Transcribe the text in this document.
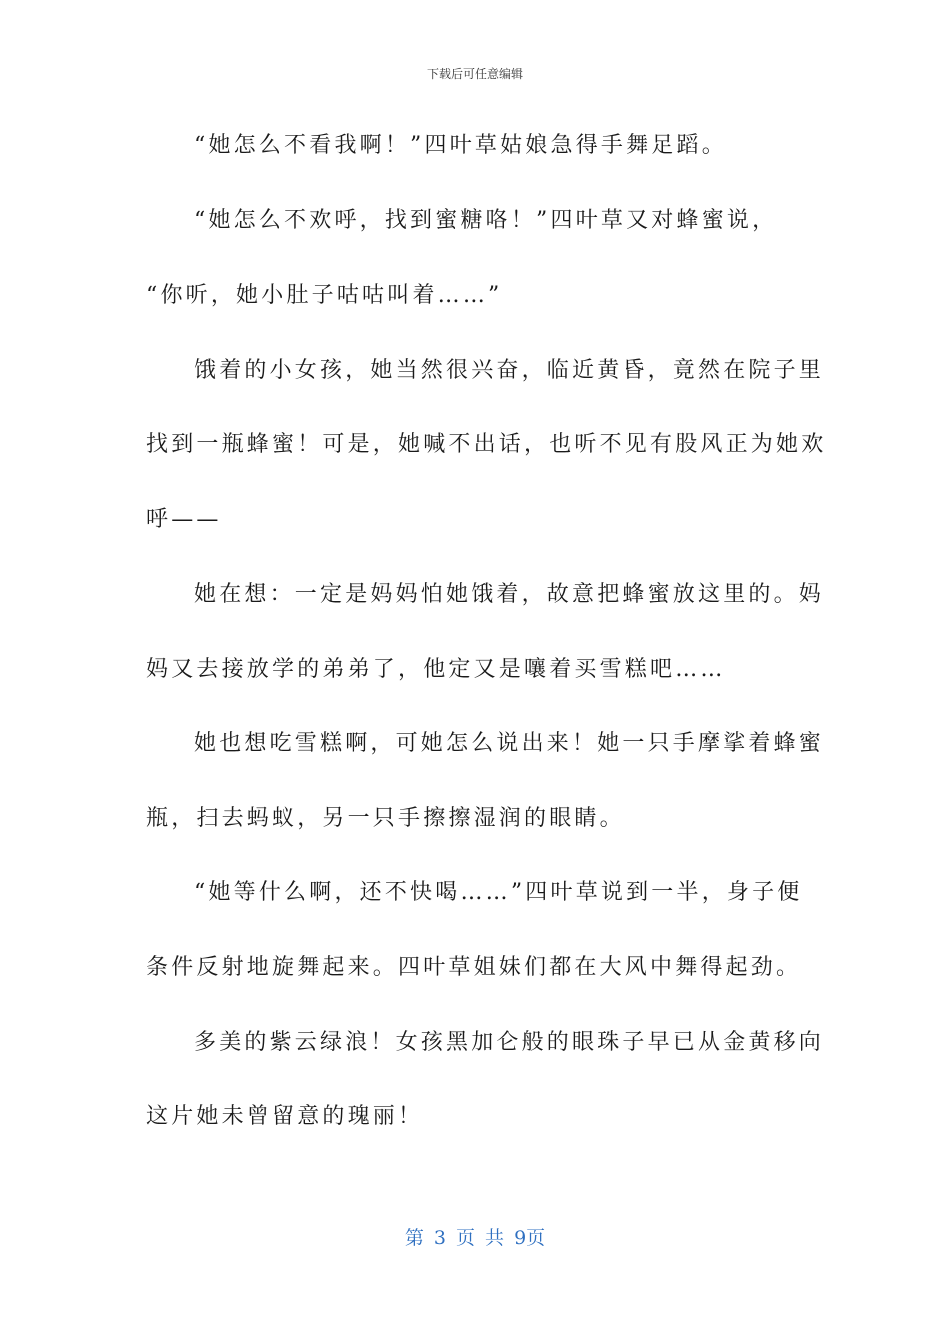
下载后可任意编辑
“她怎么不看我啊！”四叶草姑娘急得手舞足蹈。
“她怎么不欢呼，找到蜜糖咯！”四叶草又对蜂蜜说，
“你听，她小肚子咕咕叫着……”
饿着的小女孩，她当然很兴奋，临近黄昏，竟然在院子里
找到一瓶蜂蜜！可是，她喊不出话，也听不见有股风正为她欢
呼——
她在想：一定是妈妈怕她饿着，故意把蜂蜜放这里的。妈
妈又去接放学的弟弟了，他定又是嚷着买雪糕吧……
她也想吃雪糕啊，可她怎么说出来！她一只手摩挲着蜂蜜
瓶，扫去蚂蚁，另一只手擦擦湿润的眼睛。
“她等什么啊，还不快喝……”四叶草说到一半，身子便
条件反射地旋舞起来。四叶草姐妹们都在大风中舞得起劲。
多美的紫云绿浪！女孩黑加仑般的眼珠子早已从金黄移向
这片她未曾留意的瑰丽！
第 3 页 共 9页
